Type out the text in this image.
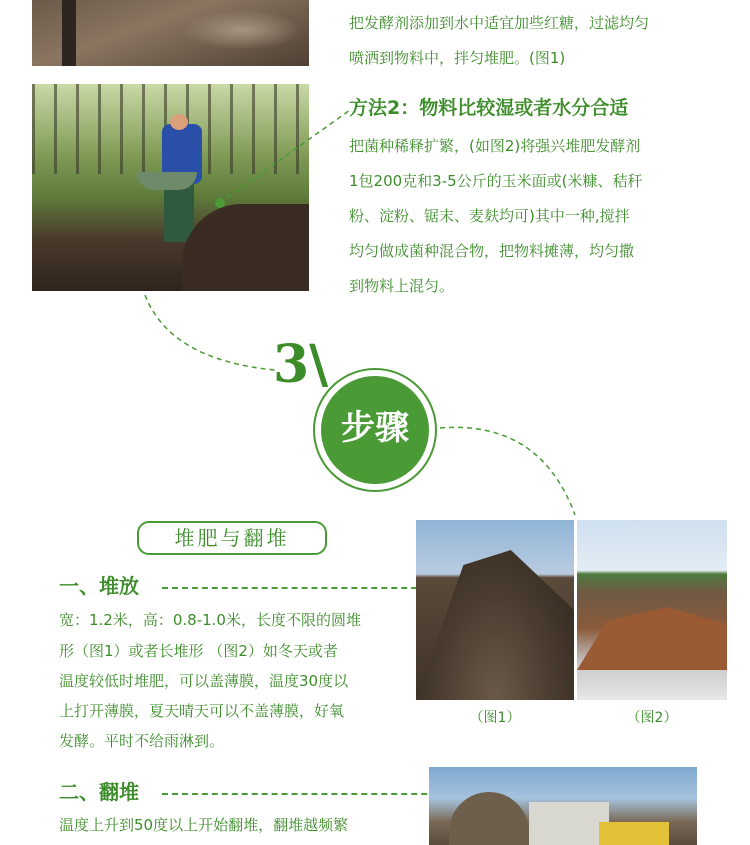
把发酵剂添加到水中适宜加些红糖，过滤均匀
喷洒到物料中，拌匀堆肥。(图1)
方法2：物料比较湿或者水分合适
把菌种稀释扩繁，(如图2)将强兴堆肥发酵剂
1包200克和3-5公斤的玉米面或(米糠、秸秆
粉、淀粉、锯末、麦麸均可)其中一种,搅拌
均匀做成菌种混合物，把物料摊薄，均匀撒
到物料上混匀。
3\
步骤
堆肥与翻堆
一、堆放
宽：1.2米，高：0.8-1.0米，长度不限的圆堆
形（图1）或者长堆形 （图2）如冬天或者
温度较低时堆肥，可以盖薄膜，温度30度以
上打开薄膜，夏天晴天可以不盖薄膜，好氧
发酵。平时不给雨淋到。
（图1）	（图2）
二、翻堆
温度上升到50度以上开始翻堆，翻堆越频繁
